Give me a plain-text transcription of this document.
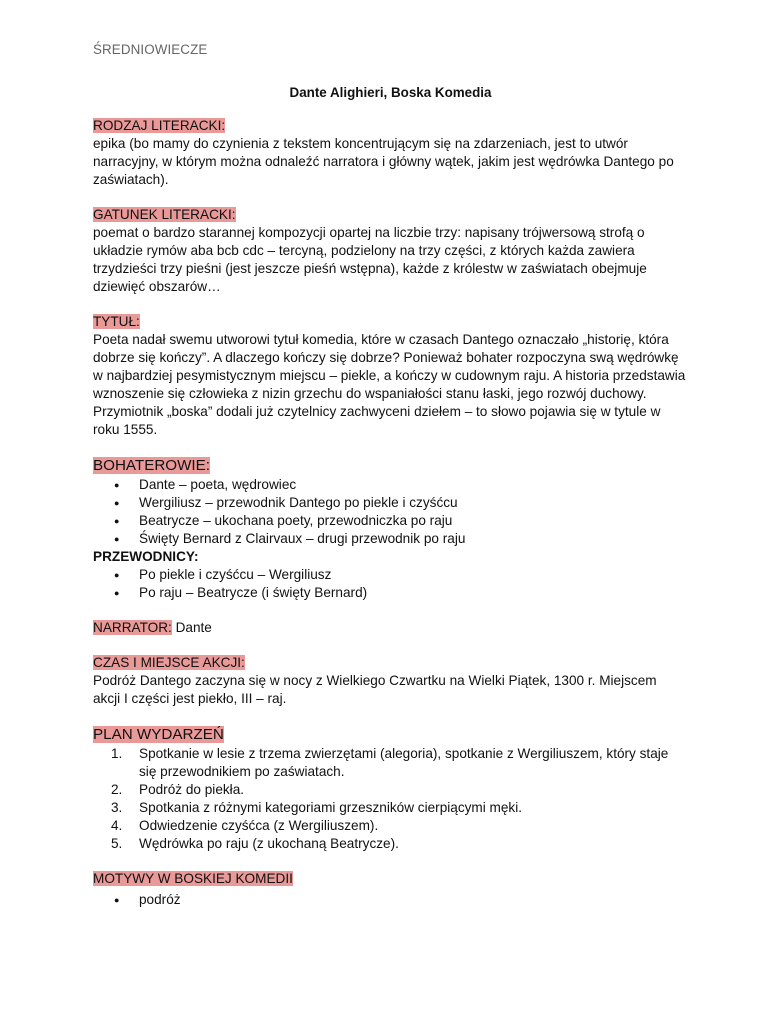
ŚREDNIOWIECZE
Dante Alighieri, Boska Komedia
RODZAJ LITERACKI:

epika (bo mamy do czynienia z tekstem koncentrującym się na zdarzeniach, jest to utwór narracyjny, w którym można odnaleźć narratora i główny wątek, jakim jest wędrówka Dantego po zaświatach).

GATUNEK LITERACKI:

poemat o bardzo starannej kompozycji opartej na liczbie trzy: napisany trójwersową strofą o układzie rymów aba bcb cdc – tercyną, podzielony na trzy części, z których każda zawiera trzydzieści trzy pieśni (jest jeszcze pieśń wstępna), każde z królestw w zaświatach obejmuje dziewięć obszarów…

TYTUŁ:

Poeta nadał swemu utworowi tytuł komedia, które w czasach Dantego oznaczało „historię, która dobrze się kończy”. A dlaczego kończy się dobrze? Ponieważ bohater rozpoczyna swą wędrówkę w najbardziej pesymistycznym miejscu – piekle, a kończy w cudownym raju. A historia przedstawia wznoszenie się człowieka z nizin grzechu do wspaniałości stanu łaski, jego rozwój duchowy.

Przymiotnik „boska” dodali już czytelnicy zachwyceni dziełem – to słowo pojawia się w tytule w roku 1555.

BOHATEROWIE:
● Dante – poeta, wędrowiec
● Wergiliusz – przewodnik Dantego po piekle i czyśćcu
● Beatrycze – ukochana poety, przewodniczka po raju
● Święty Bernard z Clairvaux – drugi przewodnik po raju
PRZEWODNICY:
● Po piekle i czyśćcu – Wergiliusz
● Po raju – Beatrycze (i święty Bernard)
NARRATOR: Dante
CZAS I MIEJSCE AKCJI:

Podróż Dantego zaczyna się w nocy z Wielkiego Czwartku na Wielki Piątek, 1300 r. Miejscem akcji I części jest piekło, III – raj.

PLAN WYDARZEŃ
1. Spotkanie w lesie z trzema zwierzętami (alegoria), spotkanie z Wergiliuszem, który staje się przewodnikiem po zaświatach.
2. Podróż do piekła.
3. Spotkania z różnymi kategoriami grzeszników cierpiącymi męki.
4. Odwiedzenie czyśćca (z Wergiliuszem).
5. Wędrówka po raju (z ukochaną Beatrycze).
MOTYWY W BOSKIEJ KOMEDII
● podróż
